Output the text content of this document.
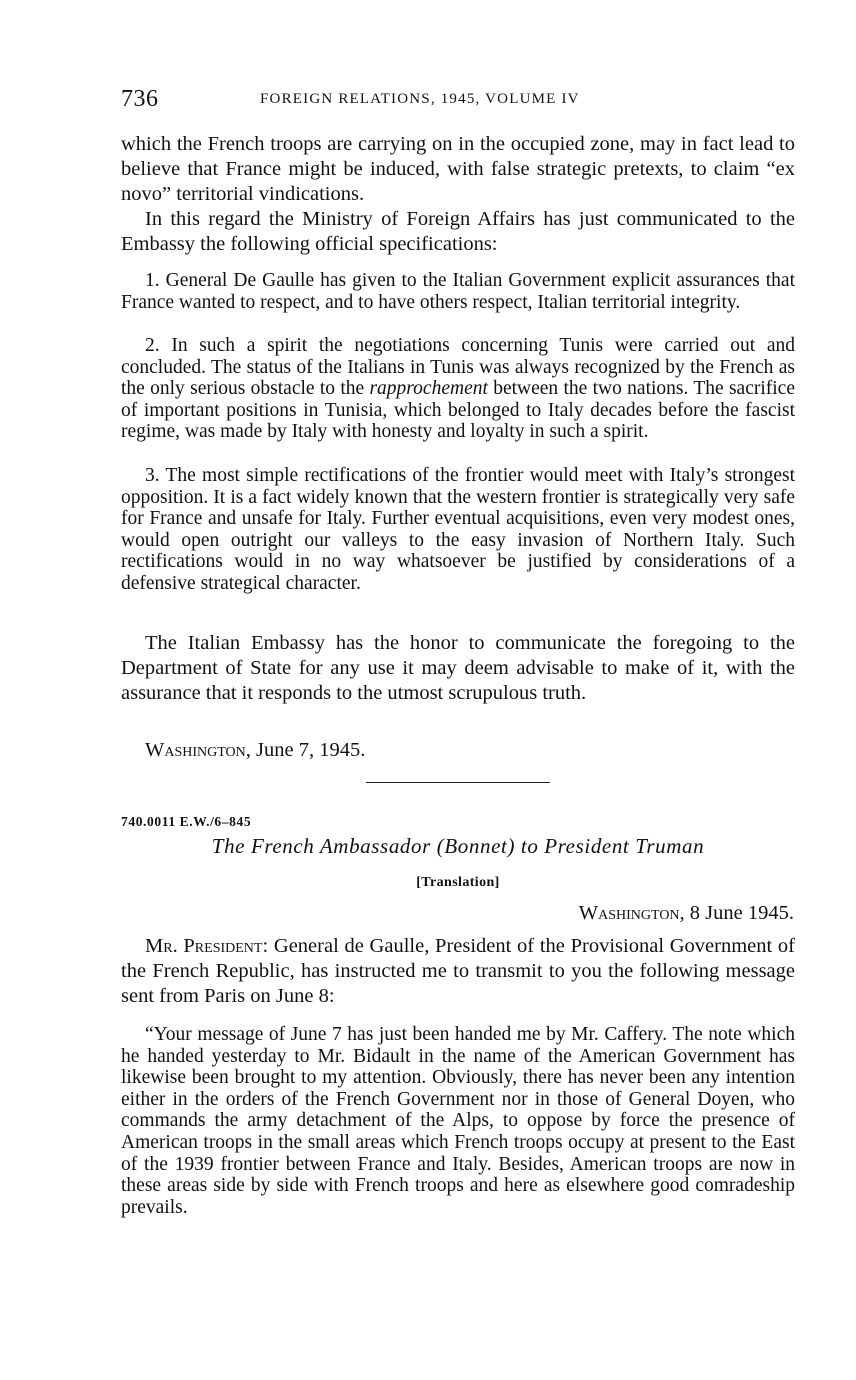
736	FOREIGN RELATIONS, 1945, VOLUME IV

which the French troops are carrying on in the occupied zone, may in fact lead to believe that France might be induced, with false strategic pretexts, to claim “ex novo” territorial vindications.

In this regard the Ministry of Foreign Affairs has just communicated to the Embassy the following official specifications:

1. General De Gaulle has given to the Italian Government explicit assurances that France wanted to respect, and to have others respect, Italian territorial integrity.

2. In such a spirit the negotiations concerning Tunis were carried out and concluded. The status of the Italians in Tunis was always recognized by the French as the only serious obstacle to the rapprochement between the two nations. The sacrifice of important positions in Tunisia, which belonged to Italy decades before the fascist regime, was made by Italy with honesty and loyalty in such a spirit.

3. The most simple rectifications of the frontier would meet with Italy’s strongest opposition. It is a fact widely known that the western frontier is strategically very safe for France and unsafe for Italy. Further eventual acquisitions, even very modest ones, would open outright our valleys to the easy invasion of Northern Italy. Such rectifications would in no way whatsoever be justified by considerations of a defensive strategical character.

The Italian Embassy has the honor to communicate the foregoing to the Department of State for any use it may deem advisable to make of it, with the assurance that it responds to the utmost scrupulous truth.

Washington, June 7, 1945.

740.0011 E.W./6–845
The French Ambassador (Bonnet) to President Truman
[Translation]
Washington, 8 June 1945.

Mr. President: General de Gaulle, President of the Provisional Government of the French Republic, has instructed me to transmit to you the following message sent from Paris on June 8:

“Your message of June 7 has just been handed me by Mr. Caffery. The note which he handed yesterday to Mr. Bidault in the name of the American Government has likewise been brought to my attention. Obviously, there has never been any intention either in the orders of the French Government nor in those of General Doyen, who commands the army detachment of the Alps, to oppose by force the presence of American troops in the small areas which French troops occupy at present to the East of the 1939 frontier between France and Italy. Besides, American troops are now in these areas side by side with French troops and here as elsewhere good comradeship prevails.
